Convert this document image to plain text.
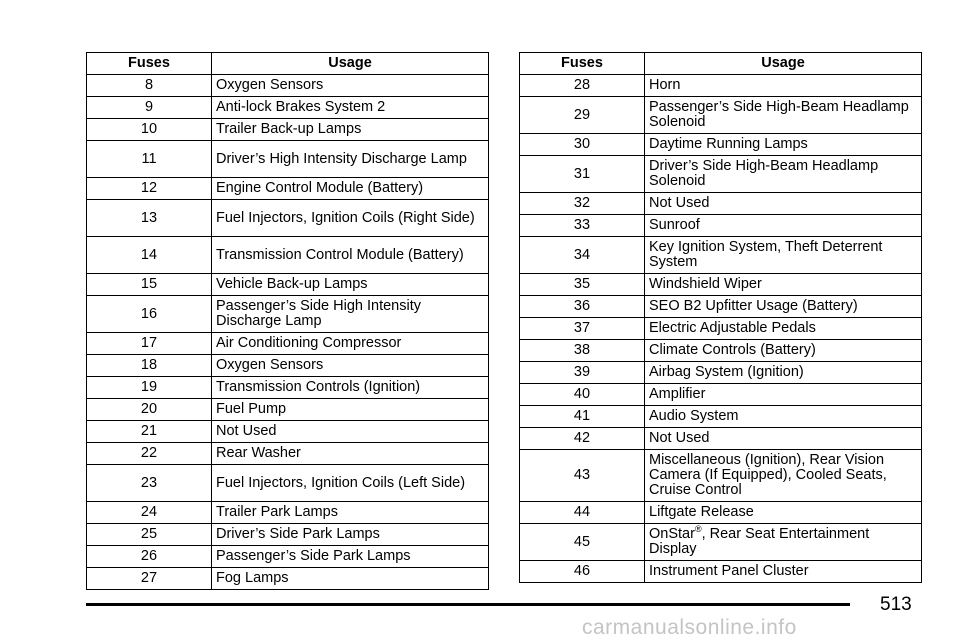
Fuses	Usage
8	Oxygen Sensors
9	Anti-lock Brakes System 2
10	Trailer Back-up Lamps
11	Driver’s High Intensity Discharge Lamp
12	Engine Control Module (Battery)
13	Fuel Injectors, Ignition Coils (Right Side)
14	Transmission Control Module (Battery)
15	Vehicle Back-up Lamps
16	Passenger’s Side High Intensity Discharge Lamp
17	Air Conditioning Compressor
18	Oxygen Sensors
19	Transmission Controls (Ignition)
20	Fuel Pump
21	Not Used
22	Rear Washer
23	Fuel Injectors, Ignition Coils (Left Side)
24	Trailer Park Lamps
25	Driver’s Side Park Lamps
26	Passenger’s Side Park Lamps
27	Fog Lamps
Fuses	Usage
28	Horn
29	Passenger’s Side High-Beam Headlamp Solenoid
30	Daytime Running Lamps
31	Driver’s Side High-Beam Headlamp Solenoid
32	Not Used
33	Sunroof
34	Key Ignition System, Theft Deterrent System
35	Windshield Wiper
36	SEO B2 Upfitter Usage (Battery)
37	Electric Adjustable Pedals
38	Climate Controls (Battery)
39	Airbag System (Ignition)
40	Amplifier
41	Audio System
42	Not Used
43	Miscellaneous (Ignition), Rear Vision Camera (If Equipped), Cooled Seats, Cruise Control
44	Liftgate Release
45	OnStar®, Rear Seat Entertainment Display
46	Instrument Panel Cluster
513
carmanualsonline.info
